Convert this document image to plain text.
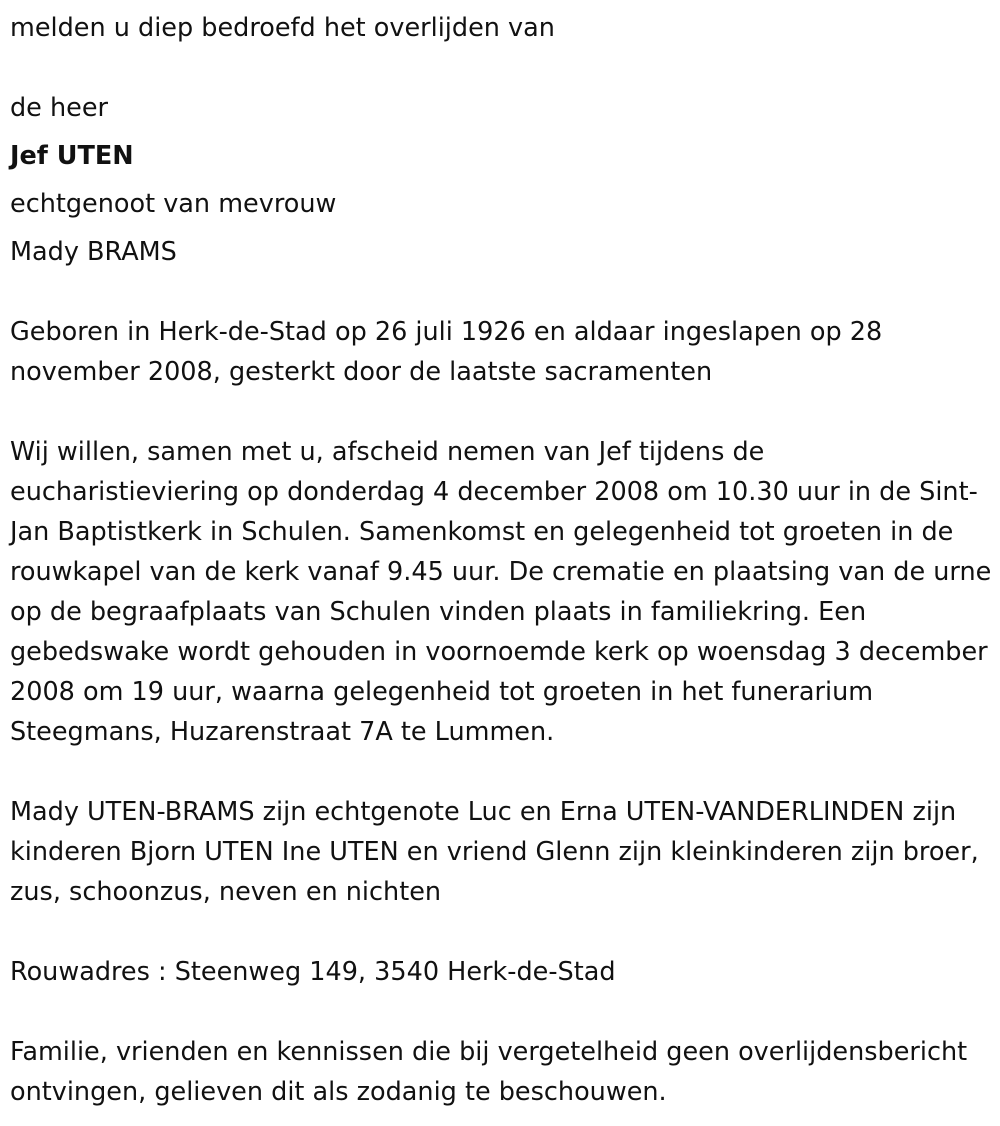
melden u diep bedroefd het overlijden van

de heer

Jef UTEN

echtgenoot van mevrouw

Mady BRAMS

Geboren in Herk-de-Stad op 26 juli 1926 en aldaar ingeslapen op 28 november 2008, gesterkt door de laatste sacramenten

Wij willen, samen met u, afscheid nemen van Jef tijdens de eucharistieviering op donderdag 4 december 2008 om 10.30 uur in de Sint-Jan Baptistkerk in Schulen. Samenkomst en gelegenheid tot groeten in de rouwkapel van de kerk vanaf 9.45 uur. De crematie en plaatsing van de urne op de begraafplaats van Schulen vinden plaats in familiekring. Een gebedswake wordt gehouden in voornoemde kerk op woensdag 3 december 2008 om 19 uur, waarna gelegenheid tot groeten in het funerarium Steegmans, Huzarenstraat 7A te Lummen.

Mady UTEN-BRAMS zijn echtgenote Luc en Erna UTEN-VANDERLINDEN zijn kinderen Bjorn UTEN Ine UTEN en vriend Glenn zijn kleinkinderen zijn broer, zus, schoonzus, neven en nichten

Rouwadres : Steenweg 149, 3540 Herk-de-Stad

Familie, vrienden en kennissen die bij vergetelheid geen overlijdensbericht ontvingen, gelieven dit als zodanig te beschouwen.
